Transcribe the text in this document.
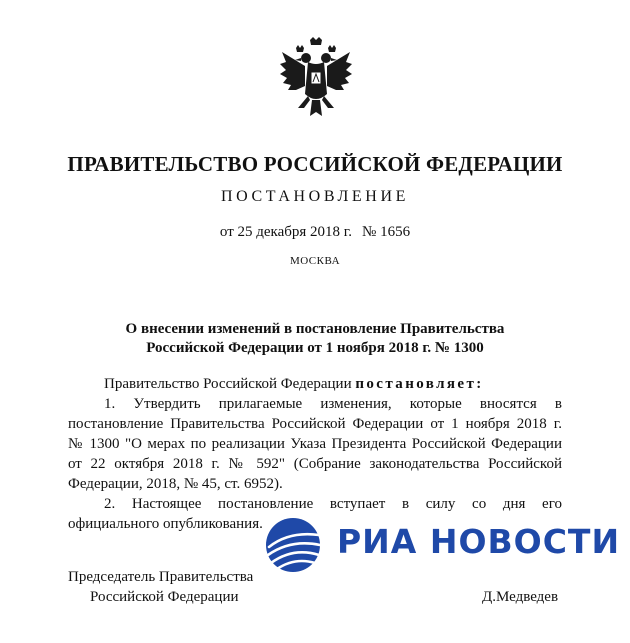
ПРАВИТЕЛЬСТВО РОССИЙСКОЙ ФЕДЕРАЦИИ
ПОСТАНОВЛЕНИЕ
от 25 декабря 2018 г. № 1656
МОСКВА
О внесении изменений в постановление Правительства
Российской Федерации от 1 ноября 2018 г. № 1300
Правительство Российской Федерации постановляет:
1. Утвердить прилагаемые изменения, которые вносятся в
постановление Правительства Российской Федерации от 1 ноября 2018 г.
№ 1300 "О мерах по реализации Указа Президента Российской Федерации
от 22 октября 2018 г. № 592" (Собрание законодательства Российской
Федерации, 2018, № 45, ст. 6952).
2. Настоящее постановление вступает в силу со дня его
официального опубликования. РИА НОВОСТИ
Председатель Правительства
Российской Федерации	Д.Медведев
